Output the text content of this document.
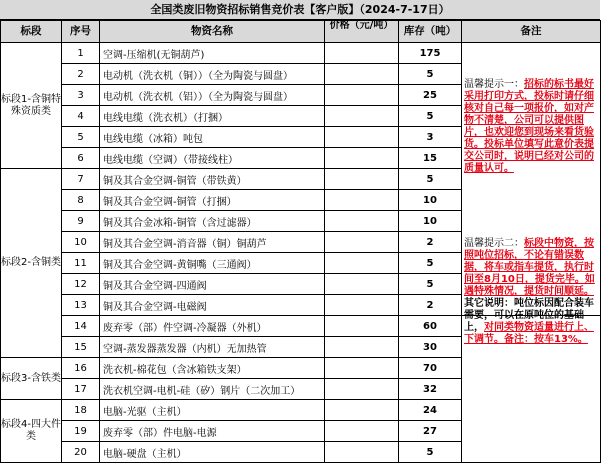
全国类废旧物资招标销售竞价表【客户版】（2024-7-17日）
标段	序号	物资名称	价格（元/吨）	库存（吨）	备注
标段1-含铜特殊资质类	1	空调-压缩机(无铜葫芦)		175	温馨提示一：招标的标书最好采用打印方式，投标时请仔细核对自己每一项报价，如对产物不清楚，公司可以提供图片，也欢迎您到现场来看货验货。投标单位填写此意价表提交公司时，说明已经对公司的质量认可。

	2	电动机（洗衣机（铜））（全为陶瓷与圆盘）		5	
	3	电动机（洗衣机（铝））（全为陶瓷与圆盘）		25	
	4	电线电缆（洗衣机）（打捆）		5	
	5	电线电缆（冰箱）吨包		3	
	6	电线电缆（空调）（带接线柱）		15	
标段2-含铜类	7	铜及其合金空调-铜管（带铁黄）		5	
	8	铜及其合金空调-铜管（打捆）		10	
	9	铜及其合金冰箱-铜管（含过滤器）		10	
	10	铜及其合金空调-消音器（铜）铜葫芦		2	
	11	铜及其合金空调-黄铜嘴（三通阀）		5	
	12	铜及其合金空调-四通阀		5	
	13	铜及其合金空调-电磁阀		2	
	14	废弃零（部）件空调-冷凝器（外机）		60	温馨提示二：标段中物资，按照吨位招标，不论有错误数据，将车或指车提货，执行时间至8月10日，提货完毕。如遇特殊情况，提货时间顺延。其它说明：吨位标因配合装车需要，可以在原吨位的基础上，对同类物资适量进行上、下调节。备注：按车13%。

	15	空调-蒸发器蒸发器（内机）无加热管		30	
标段3-含铁类	16	洗衣机-棉花包（含冰箱铁支架）		70	
	17	洗衣机空调-电机-硅（矽）钢片（二次加工）		32	
标段4-四大件类	18	电脑-光驱（主机）		24	
	19	废弃零（部）件电脑-电源		27	
	20	电脑-硬盘（主机）		5	
